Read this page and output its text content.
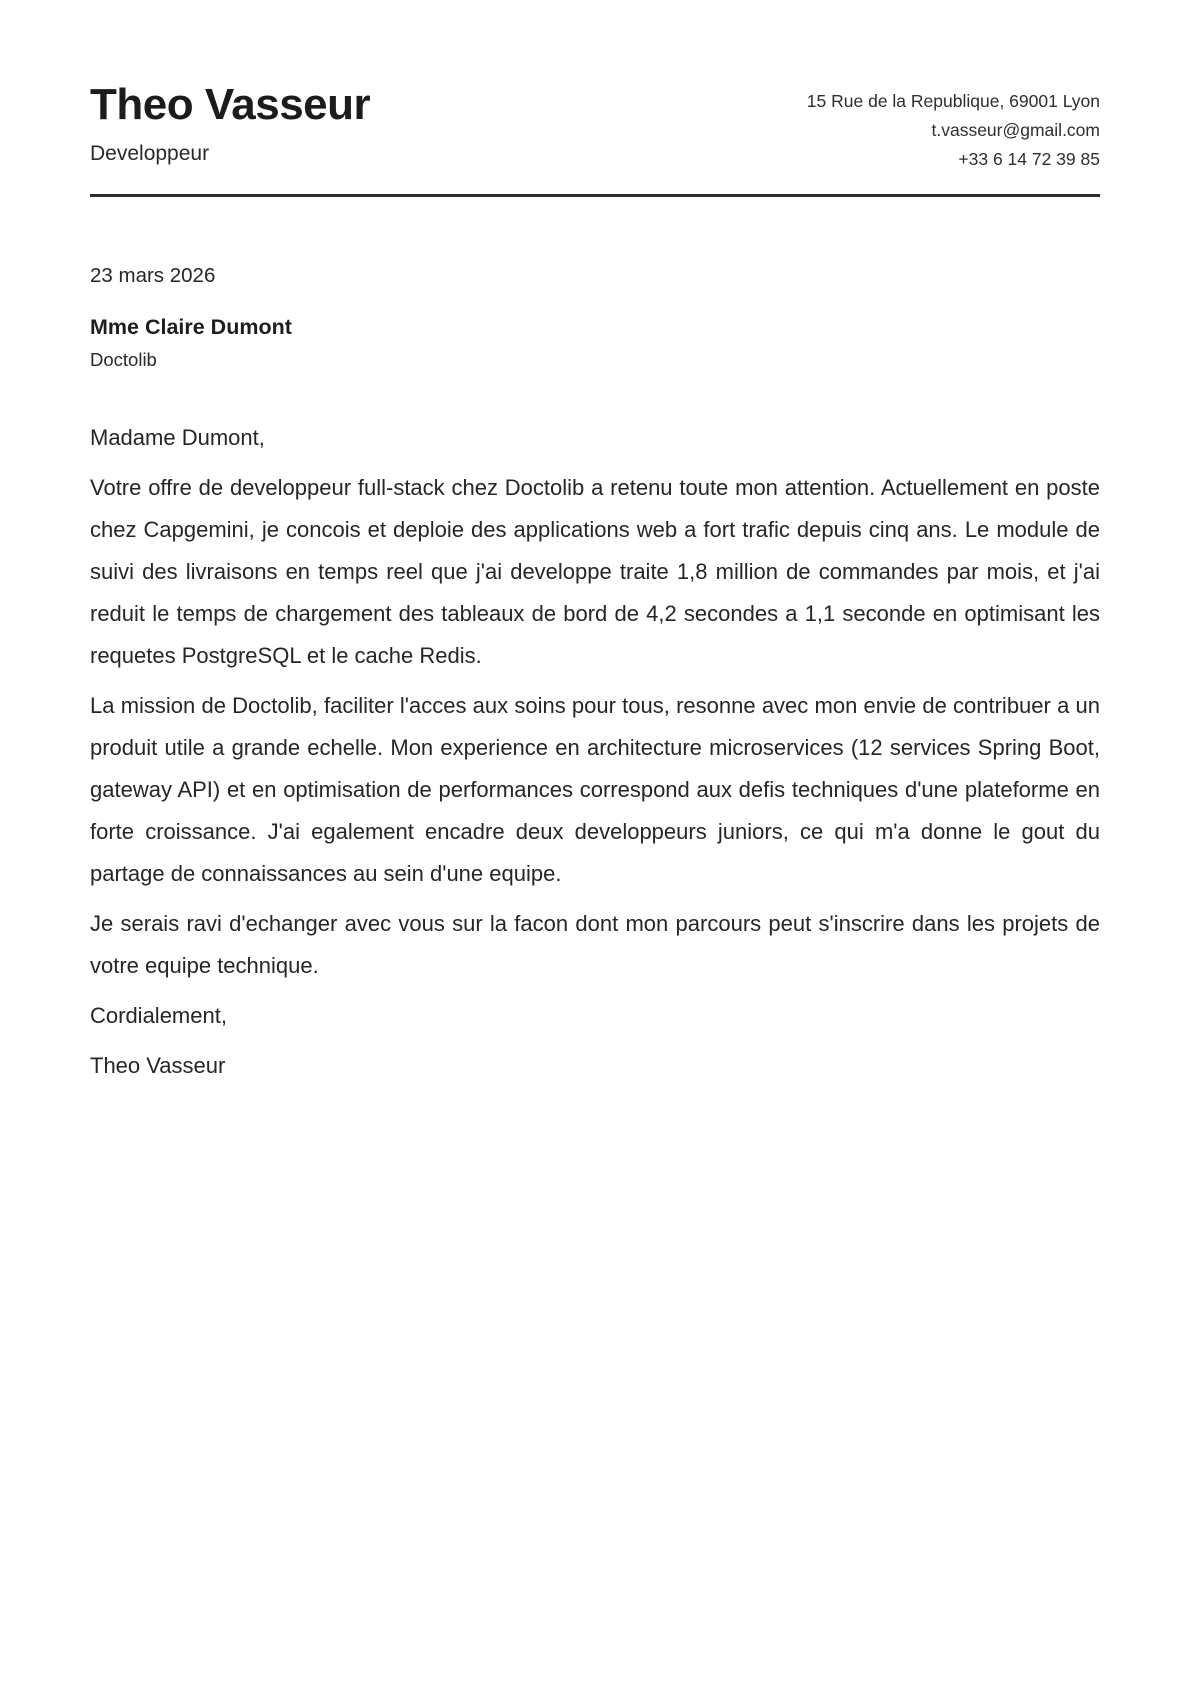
Theo Vasseur
Developpeur
15 Rue de la Republique, 69001 Lyon
t.vasseur@gmail.com
+33 6 14 72 39 85
23 mars 2026
Mme Claire Dumont
Doctolib

Madame Dumont,

Votre offre de developpeur full-stack chez Doctolib a retenu toute mon attention. Actuellement en poste chez Capgemini, je concois et deploie des applications web a fort trafic depuis cinq ans. Le module de suivi des livraisons en temps reel que j'ai developpe traite 1,8 million de commandes par mois, et j'ai reduit le temps de chargement des tableaux de bord de 4,2 secondes a 1,1 seconde en optimisant les requetes PostgreSQL et le cache Redis.

La mission de Doctolib, faciliter l'acces aux soins pour tous, resonne avec mon envie de contribuer a un produit utile a grande echelle. Mon experience en architecture microservices (12 services Spring Boot, gateway API) et en optimisation de performances correspond aux defis techniques d'une plateforme en forte croissance. J'ai egalement encadre deux developpeurs juniors, ce qui m'a donne le gout du partage de connaissances au sein d'une equipe.

Je serais ravi d'echanger avec vous sur la facon dont mon parcours peut s'inscrire dans les projets de votre equipe technique.

Cordialement,

Theo Vasseur
